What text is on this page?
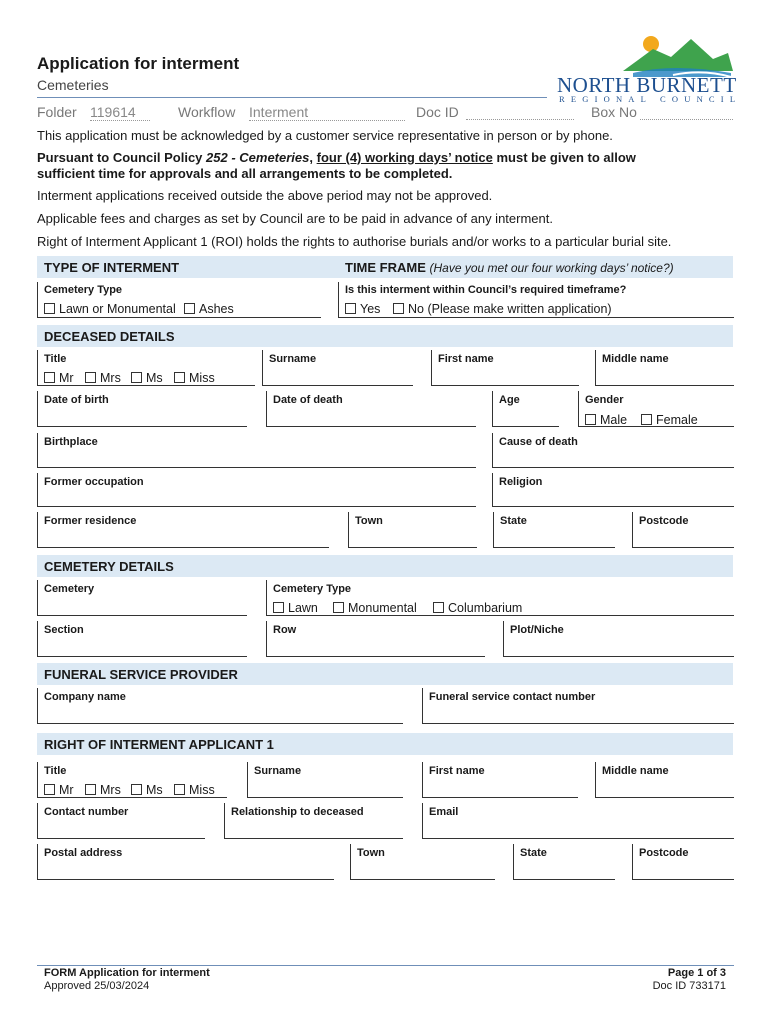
Application for interment
Cemeteries
Folder 119614	Workflow Interment	Doc ID	Box No
NORTH BURNETT
REGIONAL COUNCIL
This application must be acknowledged by a customer service representative in person or by phone.
Pursuant to Council Policy 252 - Cemeteries, four (4) working days’ notice must be given to allow
sufficient time for approvals and all arrangements to be completed.
Interment applications received outside the above period may not be approved.
Applicable fees and charges as set by Council are to be paid in advance of any interment.
Right of Interment Applicant 1 (ROI) holds the rights to authorise burials and/or works to a particular burial site.
TYPE OF INTERMENT	TIME FRAME (Have you met our four working days’ notice?)
Cemetery Type	Is this interment within Council’s required timeframe?
Lawn or Monumental	Ashes	Yes	No (Please make written application)
DECEASED DETAILS
Title	Surname	First name	Middle name
Mr	Mrs	Ms	Miss
Date of birth	Date of death	Age	Gender
Male	Female
Birthplace	Cause of death
Former occupation	Religion
Former residence	Town	State	Postcode
CEMETERY DETAILS
Cemetery	Cemetery Type
Lawn	Monumental	Columbarium
Section	Row	Plot/Niche
FUNERAL SERVICE PROVIDER
Company name	Funeral service contact number
RIGHT OF INTERMENT APPLICANT 1
Title	Surname	First name	Middle name
Mr	Mrs	Ms	Miss
Contact number	Relationship to deceased	Email
Postal address	Town	State	Postcode
FORM Application for interment
Approved 25/03/2024
Page 1 of 3
Doc ID 733171
